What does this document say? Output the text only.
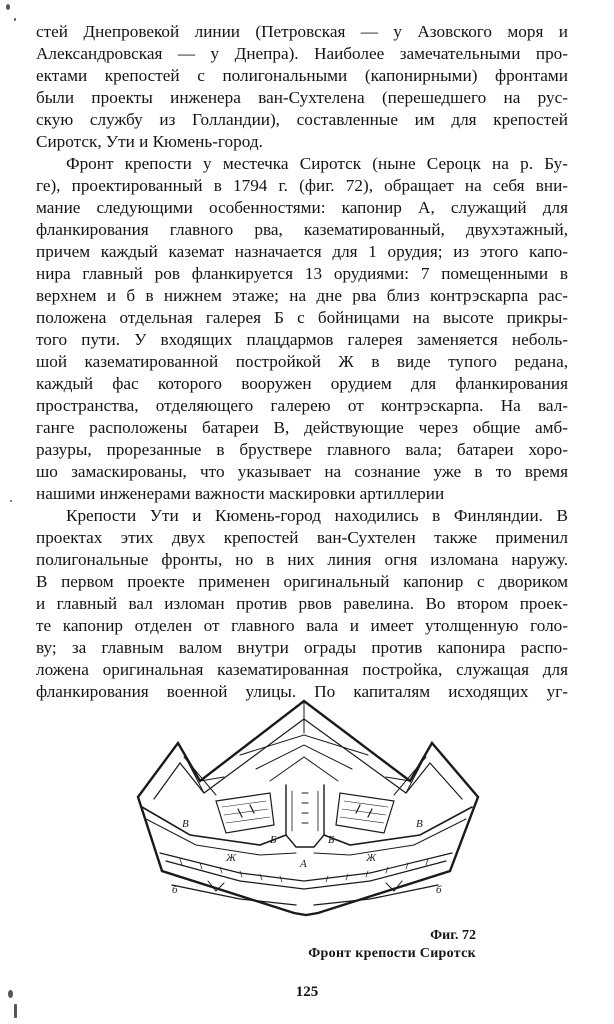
стей Днепровекой линии (Петровская — у Азовского моря и
Александровская — у Днепра). Наиболее замечательными про-
ектами крепостей с полигональными (капонирными) фронтами
были проекты инженера ван-Сухтелена (перешедшего на рус-
скую службу из Голландии), составленные им для крепостей
Сиротск, Ути и Кюмень-город.
Фронт крепости у местечка Сиротск (ныне Сероцк на р. Бу-
ге), проектированный в 1794 г. (фиг. 72), обращает на себя вни-
мание следующими особенностями: капонир А, служащий для
фланкирования главного рва, казематированный, двухэтажный,
причем каждый каземат назначается для 1 орудия; из этого капо-
нира главный ров фланкируется 13 орудиями: 7 помещенными в
верхнем и б в нижнем этаже; на дне рва близ контрэскарпа рас-
положена отдельная галерея Б с бойницами на высоте прикры-
того пути. У входящих плацдармов галерея заменяется неболь-
шой казематированной постройкой Ж в виде тупого редана,
каждый фас которого вооружен орудием для фланкирования
пространства, отделяющего галерею от контрэскарпа. На вал-
ганге расположены батареи В, действующие через общие амб-
разуры, прорезанные в бруствере главного вала; батареи хоро-
шо замаскированы, что указывает на сознание уже в то время
нашими инженерами важности маскировки артиллерии
Крепости Ути и Кюмень-город находились в Финляндии. В
проектах этих двух крепостей ван-Сухтелен также применил
полигональные фронты, но в них линия огня изломана наружу.
В первом проекте применен оригинальный капонир с двориком
и главный вал изломан против рвов равелина. Во втором проек-
те капонир отделен от главного вала и имеет утолщенную голо-
ву; за главным валом внутри ограды против капонира распо-
ложена оригинальная казематированная постройка, служащая для
фланкирования военной улицы. По капиталям исходящих уг-
А
Б	Б
Ж	Ж
В	В
б	б
Фиг. 72
Фронт крепости Сиротск
125
